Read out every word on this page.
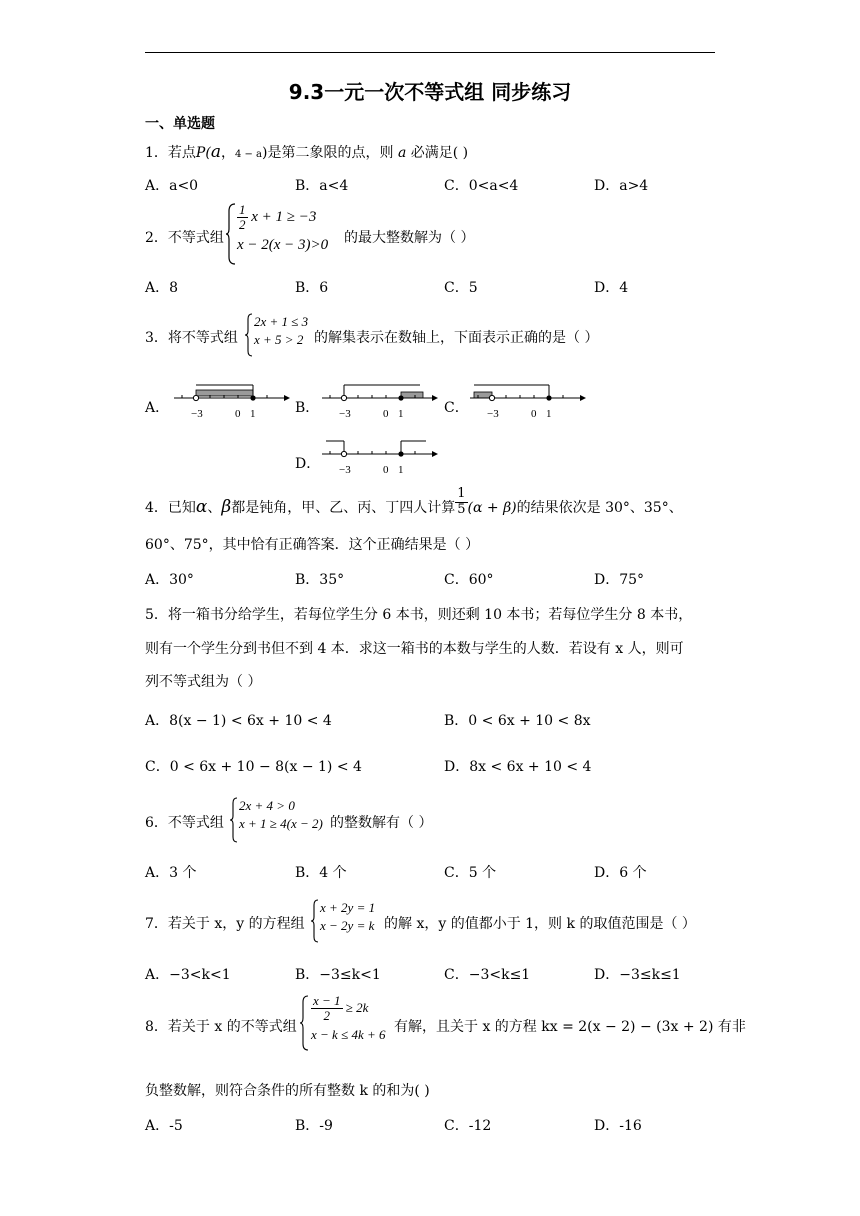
9.3一元一次不等式组 同步练习
一、单选题
1．若点P(a，4 − a)是第二象限的点，则 a 必满足( )
A．a<0	B．a<4	C．0<a<4	D．a>4
2．不等式组
$\frac{1}{2}$ x + 1 ≥ −3
x − 2(x − 3)>0 的最大整数解为（ ）
A．8	B．6	C．5	D．4
3．将不等式组
2x + 1 ≤ 3
x + 5 > 2 的解集表示在数轴上，下面表示正确的是（ ）
A． −3	0 1	B． −3	0 1	C． −3	0 1
D． −3	0 1
4．已知α、β都是钝角，甲、乙、丙、丁四人计算 $\frac{1}{5} (\alpha + \beta)$的结果依次是 30°、35°、
60°、75°，其中恰有正确答案．这个正确结果是（ ）
A．30°	B．35°	C．60°	D．75°
5．将一箱书分给学生，若每位学生分 6 本书，则还剩 10 本书；若每位学生分 8 本书，
则有一个学生分到书但不到 4 本．求这一箱书的本数与学生的人数．若设有 x 人，则可
列不等式组为（ ）
A．8(x − 1) < 6x + 10 < 4	B．0 < 6x + 10 < 8x
C．0 < 6x + 10 − 8(x − 1) < 4	D．8x < 6x + 10 < 4
6．不等式组
2x + 4 > 0
x + 1 ≥ 4(x − 2) 的整数解有（ ）
A．3 个	B．4 个	C．5 个	D．6 个
7．若关于 x，y 的方程组
x + 2y = 1
x − 2y = k 的解 x，y 的值都小于 1，则 k 的取值范围是（ ）
A．−3<k<1	B．−3≤k<1	C．−3<k≤1	D．−3≤k≤1
8．若关于 x 的不等式组
$\frac{x - 1}{2} \ge 2k$
x − k ≤ 4k + 6 有解，且关于 x 的方程 kx = 2(x − 2) − (3x + 2) 有非
负整数解，则符合条件的所有整数 k 的和为( )
A．-5	B．-9	C．-12	D．-16
